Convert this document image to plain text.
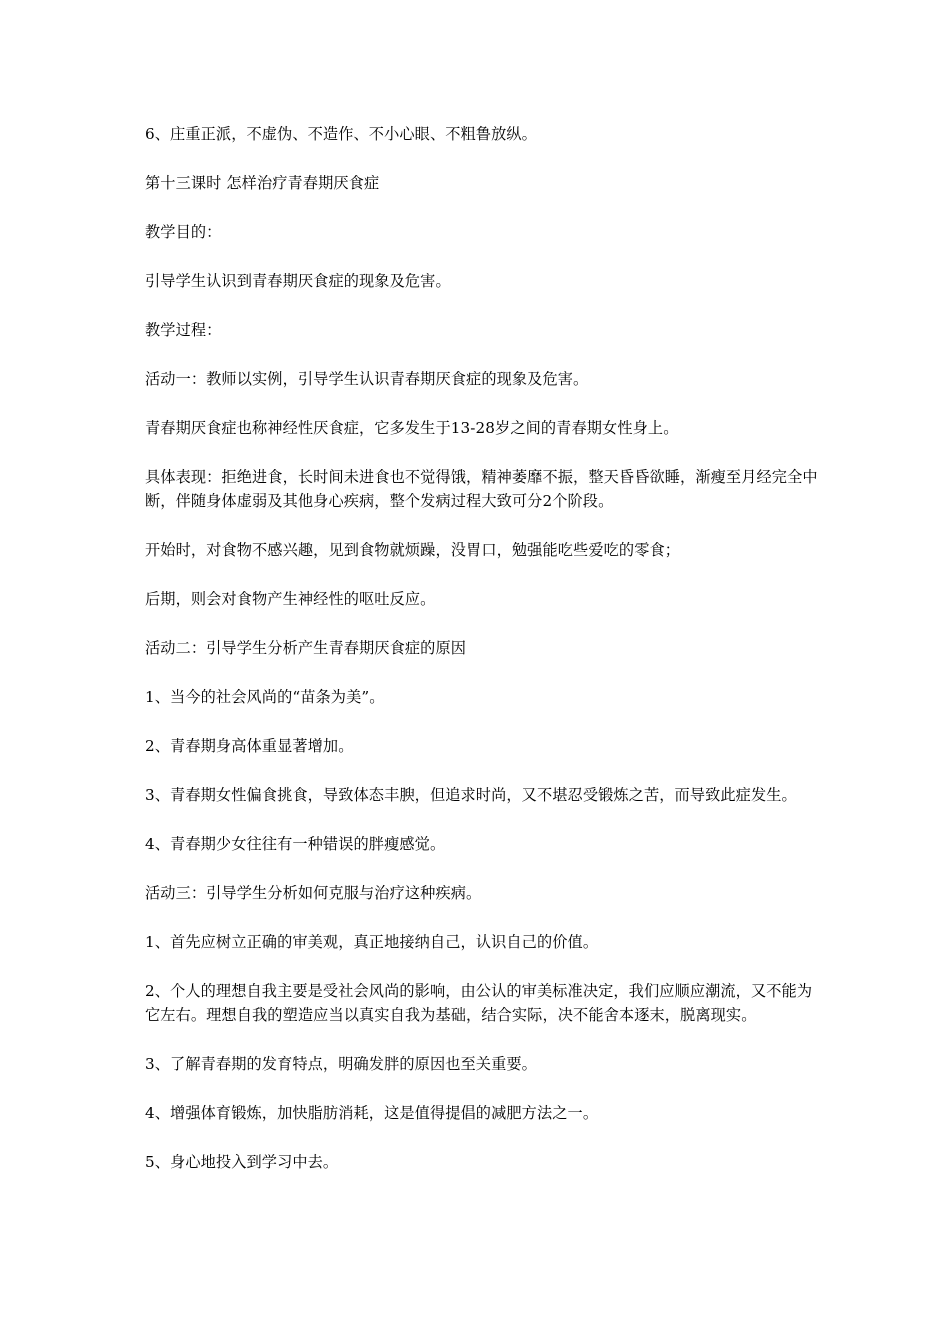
6、庄重正派，不虚伪、不造作、不小心眼、不粗鲁放纵。

第十三课时 怎样治疗青春期厌食症

教学目的：

引导学生认识到青春期厌食症的现象及危害。

教学过程：

活动一：教师以实例，引导学生认识青春期厌食症的现象及危害。

青春期厌食症也称神经性厌食症，它多发生于13-28岁之间的青春期女性身上。

具体表现：拒绝进食，长时间未进食也不觉得饿，精神萎靡不振，整天昏昏欲睡，渐瘦至月经完全中断，伴随身体虚弱及其他身心疾病，整个发病过程大致可分2个阶段。

开始时，对食物不感兴趣，见到食物就烦躁，没胃口，勉强能吃些爱吃的零食；

后期，则会对食物产生神经性的呕吐反应。

活动二：引导学生分析产生青春期厌食症的原因

1、当今的社会风尚的“苗条为美”。

2、青春期身高体重显著增加。

3、青春期女性偏食挑食，导致体态丰腴，但追求时尚，又不堪忍受锻炼之苦，而导致此症发生。

4、青春期少女往往有一种错误的胖瘦感觉。

活动三：引导学生分析如何克服与治疗这种疾病。

1、首先应树立正确的审美观，真正地接纳自己，认识自己的价值。

2、个人的理想自我主要是受社会风尚的影响，由公认的审美标准决定，我们应顺应潮流，又不能为它左右。理想自我的塑造应当以真实自我为基础，结合实际，决不能舍本逐末，脱离现实。

3、了解青春期的发育特点，明确发胖的原因也至关重要。

4、增强体育锻炼，加快脂肪消耗，这是值得提倡的减肥方法之一。

5、身心地投入到学习中去。
